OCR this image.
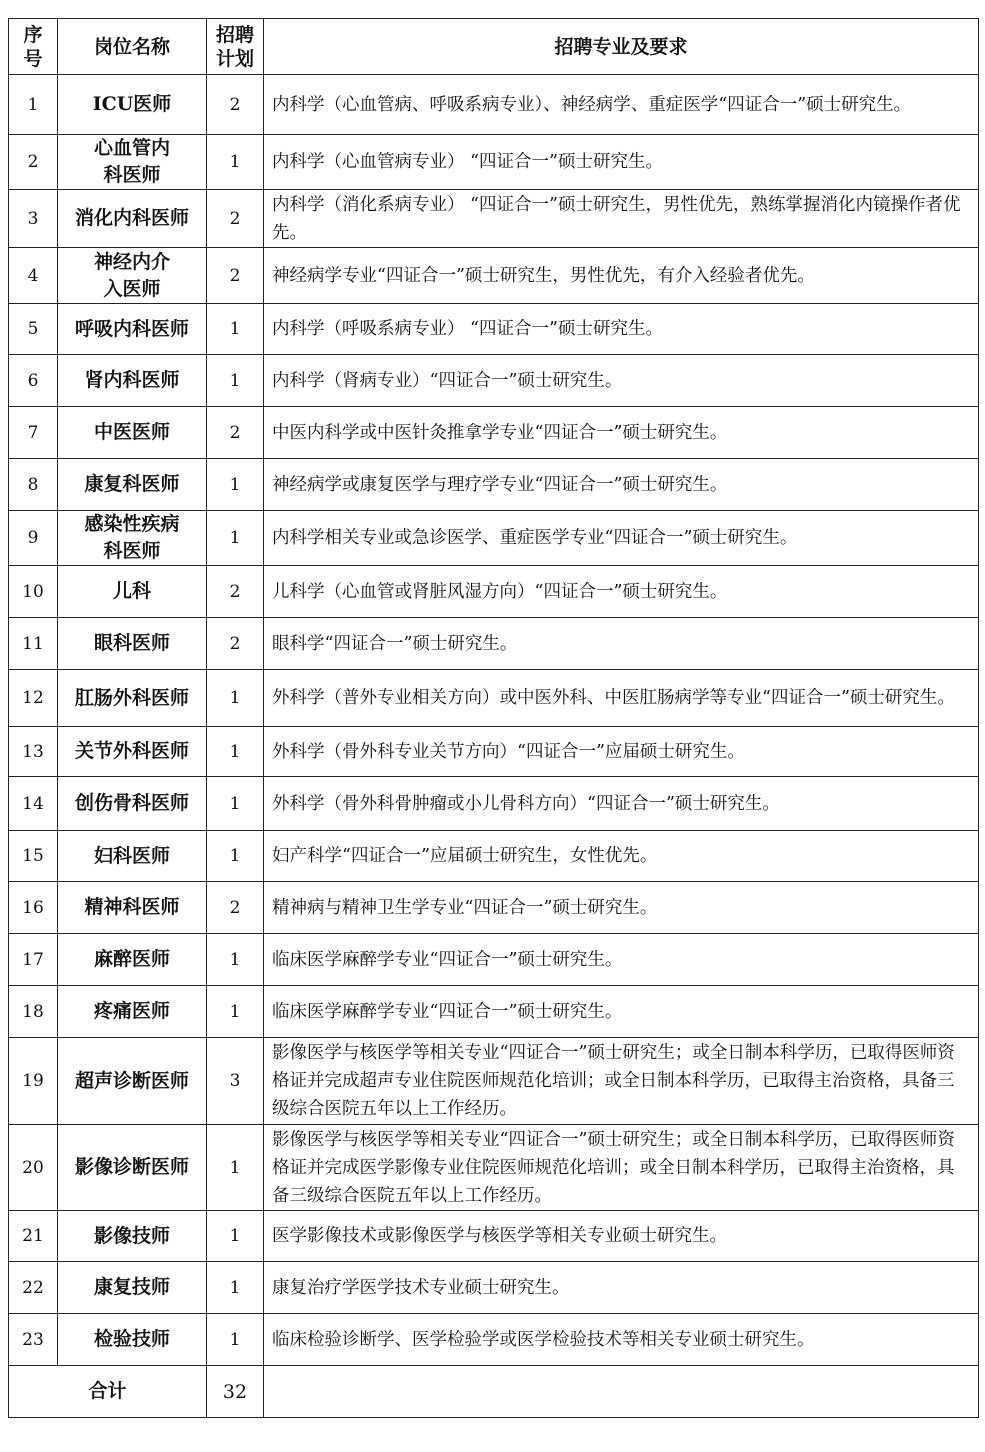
序号	岗位名称	招聘计划	招聘专业及要求
1	ICU医师	2	内科学（心血管病、呼吸系病专业）、神经病学、重症医学“四证合一”硕士研究生。
2	心血管内科医师	1	内科学（心血管病专业） “四证合一”硕士研究生。
3	消化内科医师	2	内科学（消化系病专业） “四证合一”硕士研究生，男性优先，熟练掌握消化内镜操作者优先。
4	神经内介入医师	2	神经病学专业“四证合一”硕士研究生，男性优先，有介入经验者优先。
5	呼吸内科医师	1	内科学（呼吸系病专业） “四证合一”硕士研究生。
6	肾内科医师	1	内科学（肾病专业）“四证合一”硕士研究生。
7	中医医师	2	中医内科学或中医针灸推拿学专业“四证合一”硕士研究生。
8	康复科医师	1	神经病学或康复医学与理疗学专业“四证合一”硕士研究生。
9	感染性疾病科医师	1	内科学相关专业或急诊医学、重症医学专业“四证合一”硕士研究生。
10	儿科	2	儿科学（心血管或肾脏风湿方向）“四证合一”硕士研究生。
11	眼科医师	2	眼科学“四证合一”硕士研究生。
12	肛肠外科医师	1	外科学（普外专业相关方向）或中医外科、中医肛肠病学等专业“四证合一”硕士研究生。
13	关节外科医师	1	外科学（骨外科专业关节方向）“四证合一”应届硕士研究生。
14	创伤骨科医师	1	外科学（骨外科骨肿瘤或小儿骨科方向）“四证合一”硕士研究生。
15	妇科医师	1	妇产科学“四证合一”应届硕士研究生，女性优先。
16	精神科医师	2	精神病与精神卫生学专业“四证合一”硕士研究生。
17	麻醉医师	1	临床医学麻醉学专业“四证合一”硕士研究生。
18	疼痛医师	1	临床医学麻醉学专业“四证合一”硕士研究生。
19	超声诊断医师	3	影像医学与核医学等相关专业“四证合一”硕士研究生；或全日制本科学历，已取得医师资格证并完成超声专业住院医师规范化培训；或全日制本科学历，已取得主治资格，具备三级综合医院五年以上工作经历。
20	影像诊断医师	1	影像医学与核医学等相关专业“四证合一”硕士研究生；或全日制本科学历，已取得医师资格证并完成医学影像专业住院医师规范化培训；或全日制本科学历，已取得主治资格，具备三级综合医院五年以上工作经历。
21	影像技师	1	医学影像技术或影像医学与核医学等相关专业硕士研究生。
22	康复技师	1	康复治疗学医学技术专业硕士研究生。
23	检验技师	1	临床检验诊断学、医学检验学或医学检验技术等相关专业硕士研究生。
合计		32	
